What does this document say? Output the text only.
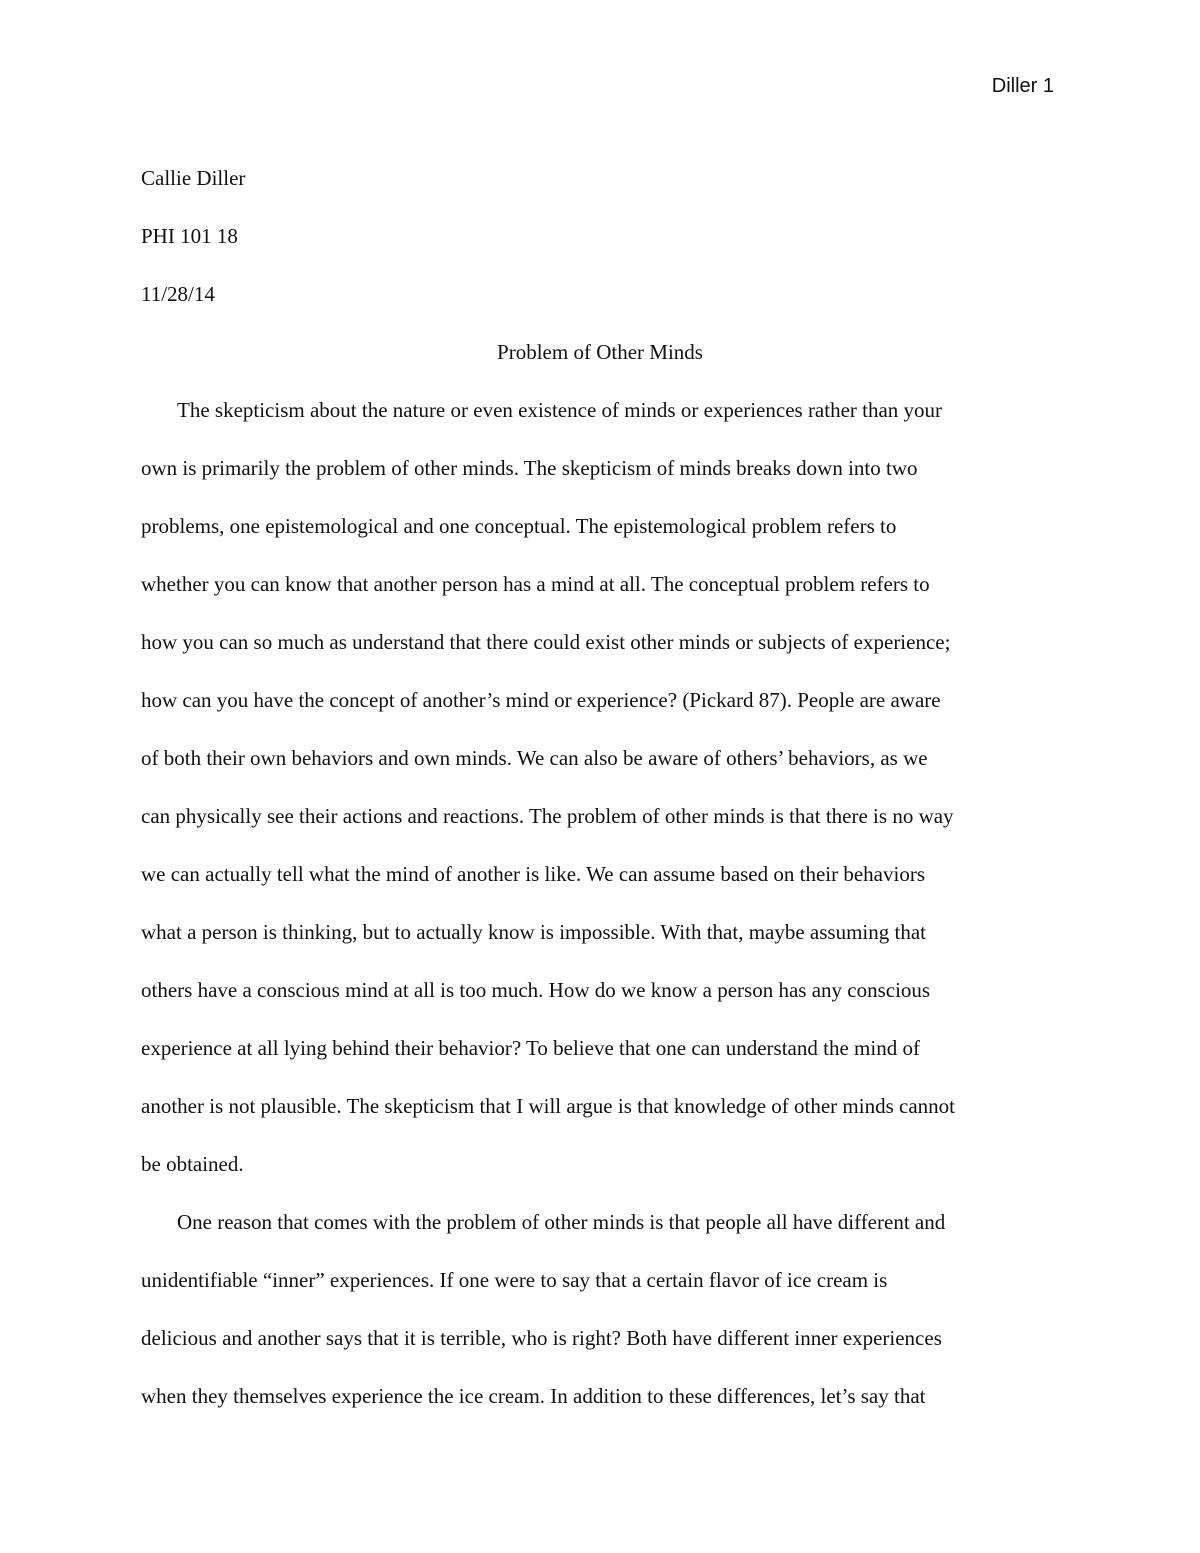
Diller 1

Callie Diller

PHI 101 18

11/28/14

Problem of Other Minds

The skepticism about the nature or even existence of minds or experiences rather than your
own is primarily the problem of other minds. The skepticism of minds breaks down into two
problems, one epistemological and one conceptual. The epistemological problem refers to
whether you can know that another person has a mind at all. The conceptual problem refers to
how you can so much as understand that there could exist other minds or subjects of experience;
how can you have the concept of another’s mind or experience? (Pickard 87). People are aware
of both their own behaviors and own minds. We can also be aware of others’ behaviors, as we
can physically see their actions and reactions. The problem of other minds is that there is no way
we can actually tell what the mind of another is like. We can assume based on their behaviors
what a person is thinking, but to actually know is impossible. With that, maybe assuming that
others have a conscious mind at all is too much. How do we know a person has any conscious
experience at all lying behind their behavior? To believe that one can understand the mind of
another is not plausible. The skepticism that I will argue is that knowledge of other minds cannot
be obtained.

One reason that comes with the problem of other minds is that people all have different and
unidentifiable “inner” experiences. If one were to say that a certain flavor of ice cream is
delicious and another says that it is terrible, who is right? Both have different inner experiences
when they themselves experience the ice cream. In addition to these differences, let’s say that
